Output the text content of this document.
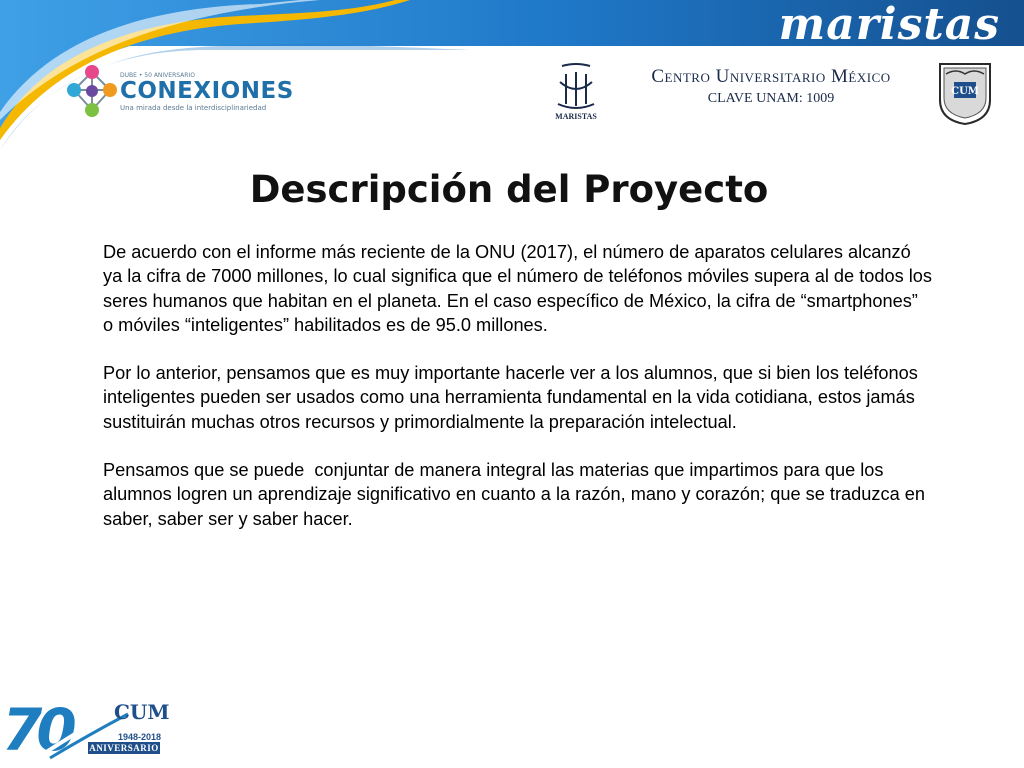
maristas
DUBE • 50 ANIVERSARIO
CONEXIONES
Una mirada desde la interdisciplinariedad
MARISTAS
Centro Universitario México
CLAVE UNAM: 1009	CUM
Descripción del Proyecto

De acuerdo con el informe más reciente de la ONU (2017), el número de aparatos celulares alcanzó ya la cifra de 7000 millones, lo cual significa que el número de teléfonos móviles supera al de todos los seres humanos que habitan en el planeta. En el caso específico de México, la cifra de “smartphones” o móviles “inteligentes” habilitados es de 95.0 millones.

Por lo anterior, pensamos que es muy importante hacerle ver a los alumnos, que si bien los teléfonos inteligentes pueden ser usados como una herramienta fundamental en la vida cotidiana, estos jamás sustituirán muchas otros recursos y primordialmente la preparación intelectual.

Pensamos que se puede  conjuntar de manera integral las materias que impartimos para que los alumnos logren un aprendizaje significativo en cuanto a la razón, mano y corazón; que se traduzca en saber, saber ser y saber hacer.

70 CUM
1948-2018
ANIVERSARIO
